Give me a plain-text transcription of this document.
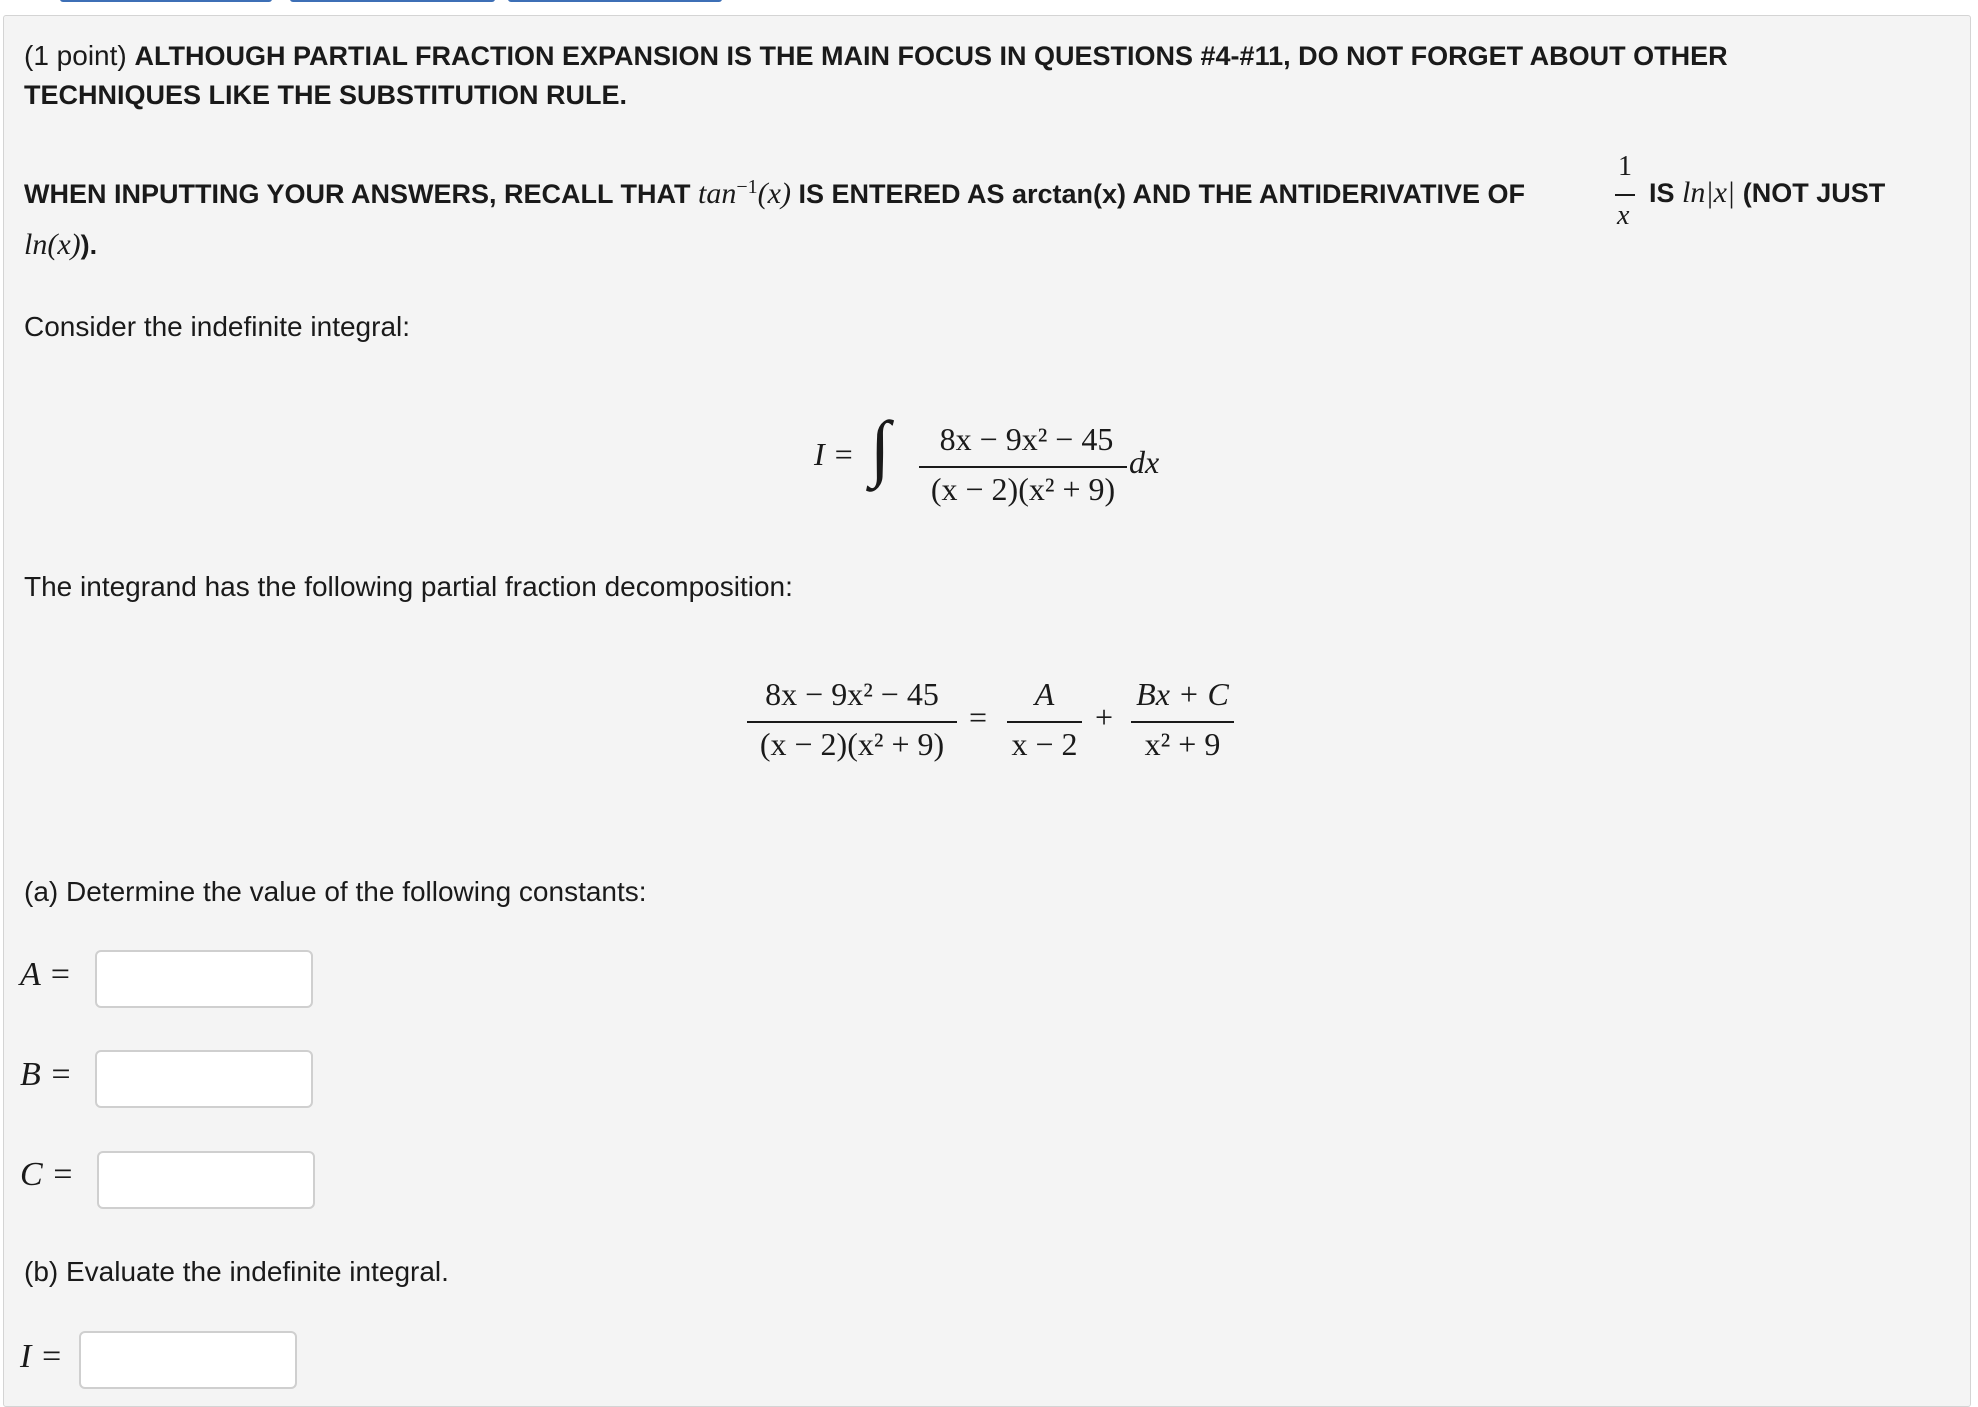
(1 point) ALTHOUGH PARTIAL FRACTION EXPANSION IS THE MAIN FOCUS IN QUESTIONS #4-#11, DO NOT FORGET ABOUT OTHER
TECHNIQUES LIKE THE SUBSTITUTION RULE.
WHEN INPUTTING YOUR ANSWERS, RECALL THAT $\tan^{-1}(x)$ IS ENTERED AS arctan(x) AND THE ANTIDERIVATIVE OF
1
x
IS ln|x| (NOT JUST
ln(x)).
Consider the indefinite integral:
I = ∫	8x − 9x² − 45
(x − 2)(x² + 9)
dx
The integrand has the following partial fraction decomposition:
8x − 9x² − 45
(x − 2)(x² + 9)
=
A
x − 2
+
Bx + C
x² + 9
(a) Determine the value of the following constants:
A =
B =
C =
(b) Evaluate the indefinite integral.
I =
